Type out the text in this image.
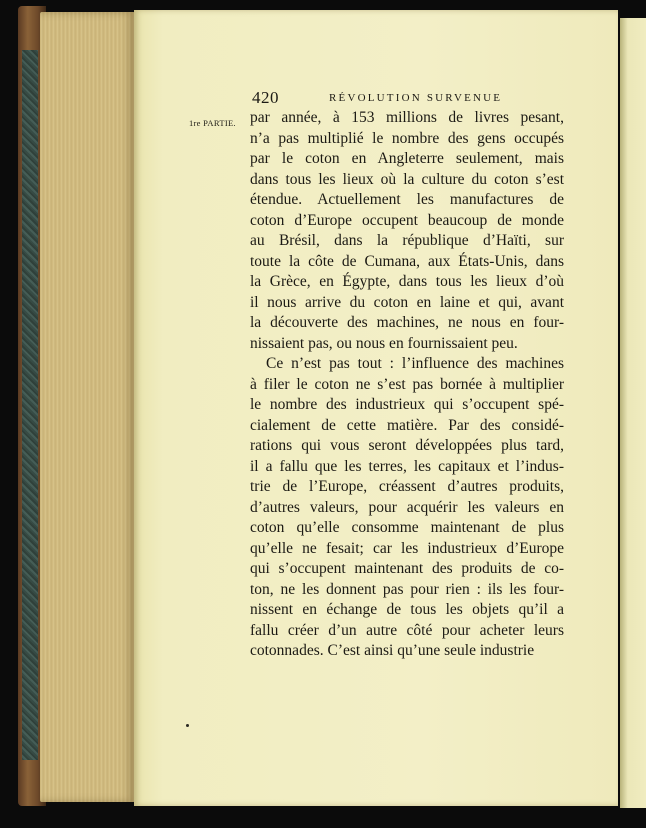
420	RÉVOLUTION SURVENUE
1re PARTIE. par année, à 153 millions de livres pesant,
n’a pas multiplié le nombre des gens occupés
par le coton en Angleterre seulement, mais
dans tous les lieux où la culture du coton s’est
étendue. Actuellement les manufactures de
coton d’Europe occupent beaucoup de monde
au Brésil, dans la république d’Haïti, sur
toute la côte de Cumana, aux États-Unis, dans
la Grèce, en Égypte, dans tous les lieux d’où
il nous arrive du coton en laine et qui, avant
la découverte des machines, ne nous en four-
nissaient pas, ou nous en fournissaient peu.
Ce n’est pas tout : l’influence des machines
à filer le coton ne s’est pas bornée à multiplier
le nombre des industrieux qui s’occupent spé-
cialement de cette matière. Par des considé-
rations qui vous seront développées plus tard,
il a fallu que les terres, les capitaux et l’indus-
trie de l’Europe, créassent d’autres produits,
d’autres valeurs, pour acquérir les valeurs en
coton qu’elle consomme maintenant de plus
qu’elle ne fesait; car les industrieux d’Europe
qui s’occupent maintenant des produits de co-
ton, ne les donnent pas pour rien : ils les four-
nissent en échange de tous les objets qu’il a
fallu créer d’un autre côté pour acheter leurs
cotonnades. C’est ainsi qu’une seule industrie
